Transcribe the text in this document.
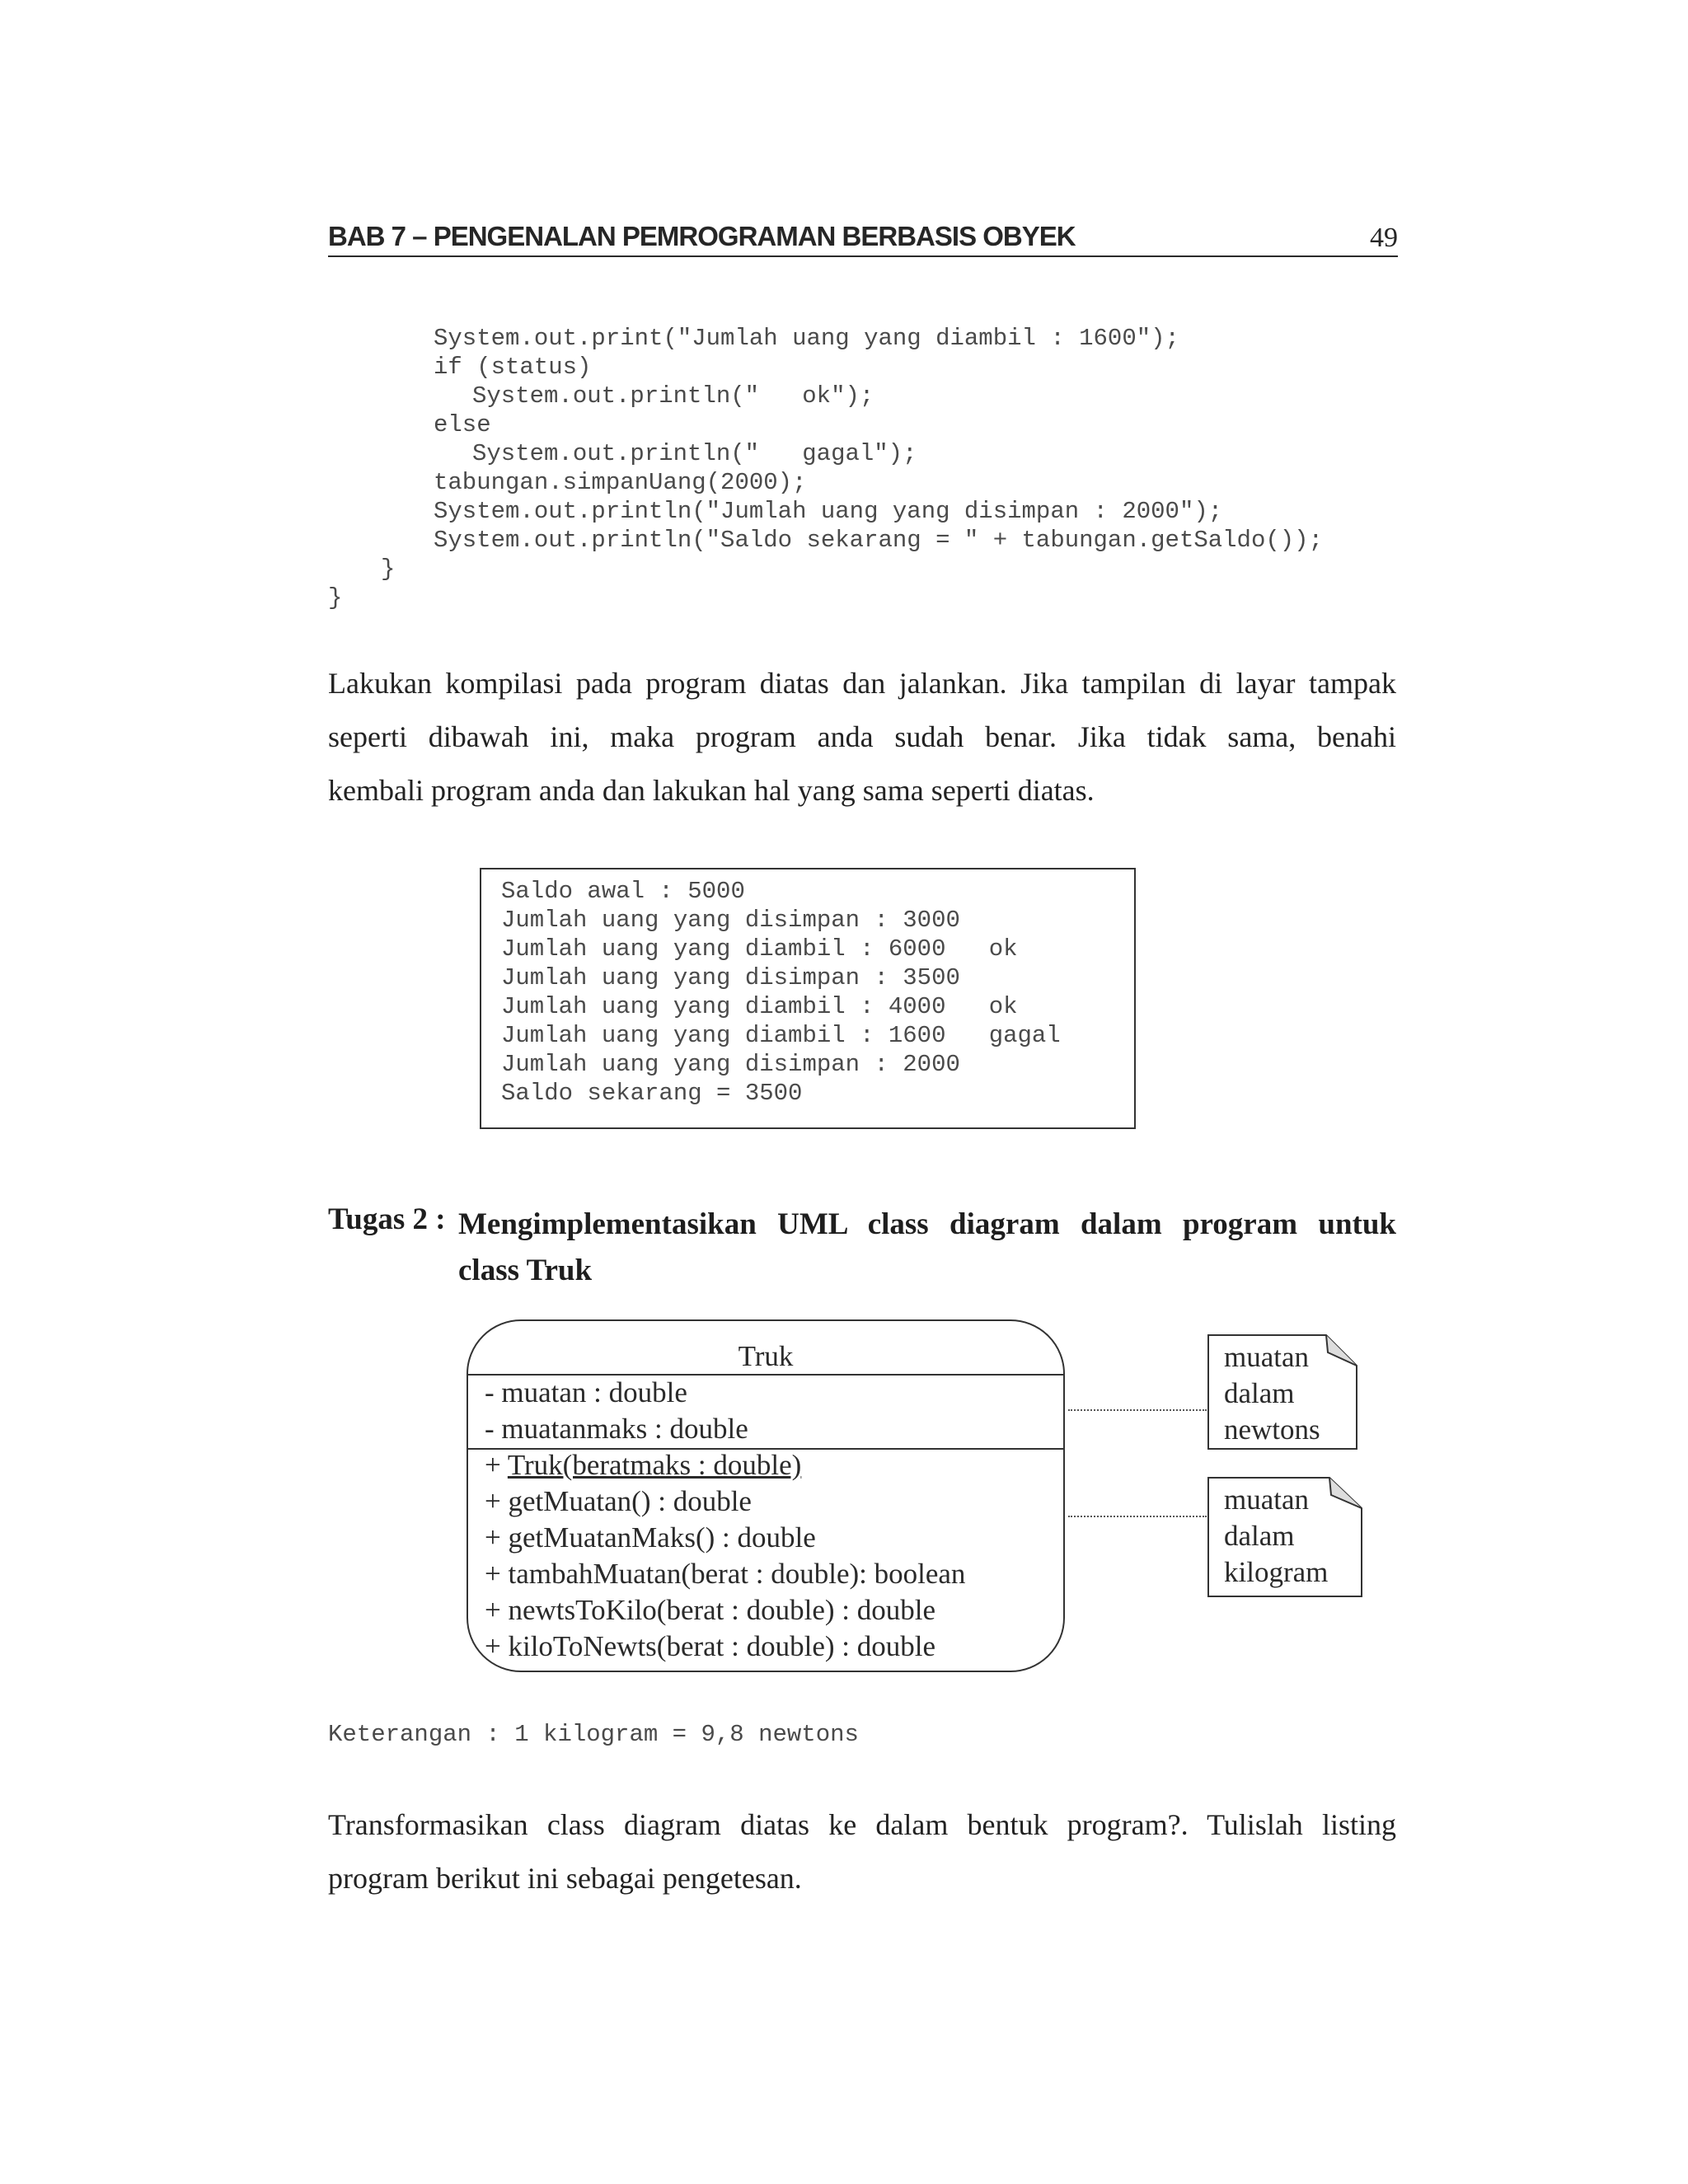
BAB 7 – PENGENALAN PEMROGRAMAN BERBASIS OBYEK	49
System.out.print("Jumlah uang yang diambil : 1600");
if (status)
System.out.println("   ok");
else
System.out.println("   gagal");
tabungan.simpanUang(2000);
System.out.println("Jumlah uang yang disimpan : 2000");
System.out.println("Saldo sekarang = " + tabungan.getSaldo());
}
}
Lakukan kompilasi pada program diatas dan jalankan. Jika tampilan di layar tampak
seperti dibawah ini, maka program anda sudah benar. Jika tidak sama, benahi
kembali program anda dan lakukan hal yang sama seperti diatas.
Saldo awal : 5000
Jumlah uang yang disimpan : 3000
Jumlah uang yang diambil : 6000   ok
Jumlah uang yang disimpan : 3500
Jumlah uang yang diambil : 4000   ok
Jumlah uang yang diambil : 1600   gagal
Jumlah uang yang disimpan : 2000
Saldo sekarang = 3500
Tugas 2 : Mengimplementasikan UML class diagram dalam program untuk
class Truk
Truk
- muatan : double
- muatanmaks : double
+ Truk(beratmaks : double)
+ getMuatan() : double
+ getMuatanMaks() : double
+ tambahMuatan(berat : double): boolean
+ newtsToKilo(berat : double) : double
+ kiloToNewts(berat : double) : double
muatan
dalam
newtons
muatan
dalam
kilogram
Keterangan : 1 kilogram = 9,8 newtons
Transformasikan class diagram diatas ke dalam bentuk program?. Tulislah listing
program berikut ini sebagai pengetesan.
